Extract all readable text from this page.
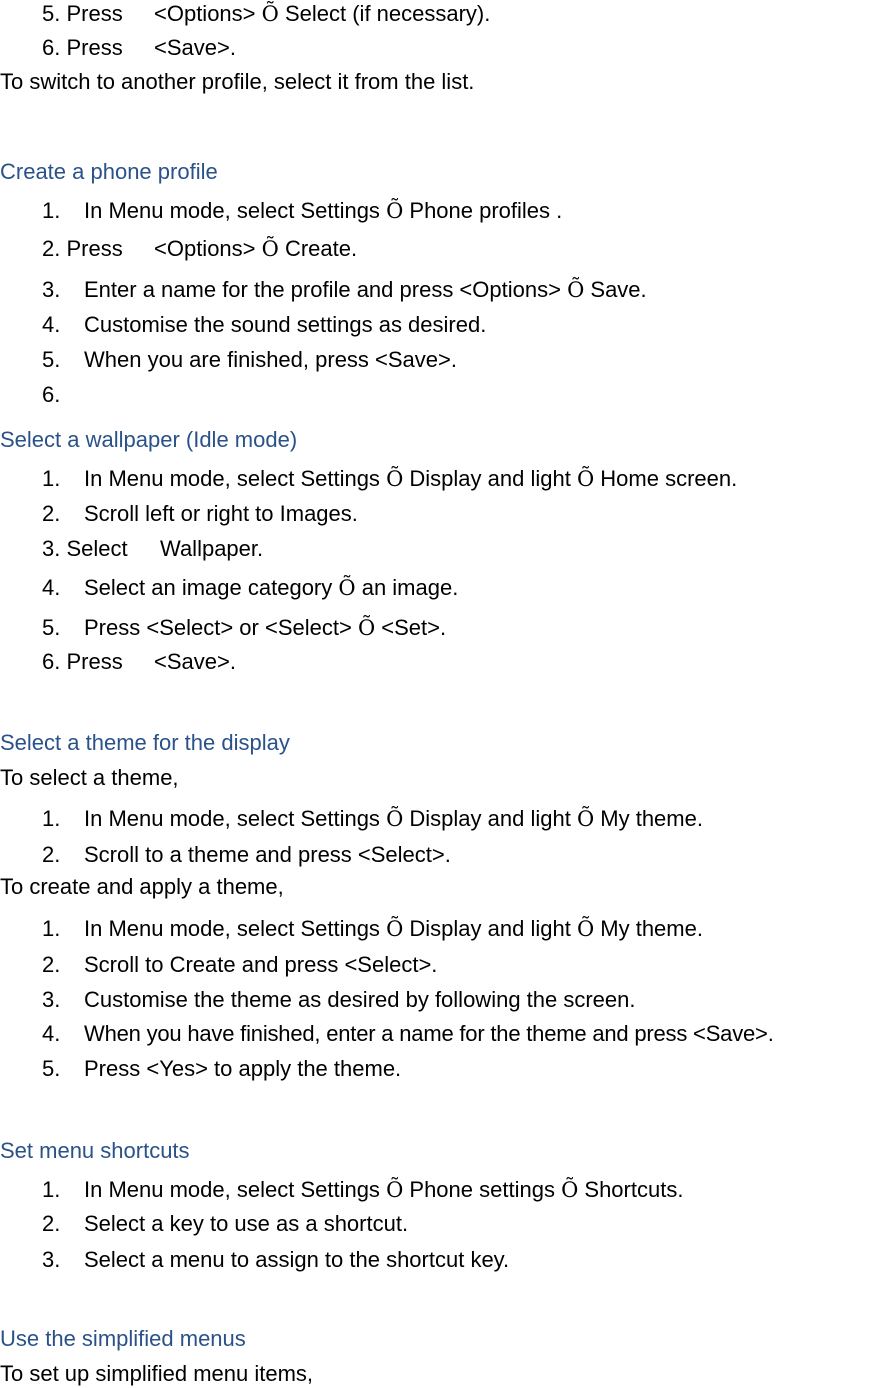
5. Press <Options> Õ Select (if necessary).
6. Press <Save>.
To switch to another profile, select it from the list.
Create a phone profile
1. In Menu mode, select Settings Õ Phone profiles .
2. Press <Options> Õ Create.
3. Enter a name for the profile and press <Options> Õ Save.
4. Customise the sound settings as desired.
5. When you are finished, press <Save>.
6.
Select a wallpaper (Idle mode)
1. In Menu mode, select Settings Õ Display and light Õ Home screen.
2. Scroll left or right to Images.
3. Select Wallpaper.
4. Select an image category Õ an image.
5. Press <Select> or <Select> Õ <Set>.
6. Press <Save>.
Select a theme for the display
To select a theme,
1. In Menu mode, select Settings Õ Display and light Õ My theme.
2. Scroll to a theme and press <Select>.
To create and apply a theme,
1. In Menu mode, select Settings Õ Display and light Õ My theme.
2. Scroll to Create and press <Select>.
3. Customise the theme as desired by following the screen.
4. When you have finished, enter a name for the theme and press <Save>.
5. Press <Yes> to apply the theme.
Set menu shortcuts
1. In Menu mode, select Settings Õ Phone settings Õ Shortcuts.
2. Select a key to use as a shortcut.
3. Select a menu to assign to the shortcut key.
Use the simplified menus
To set up simplified menu items,
